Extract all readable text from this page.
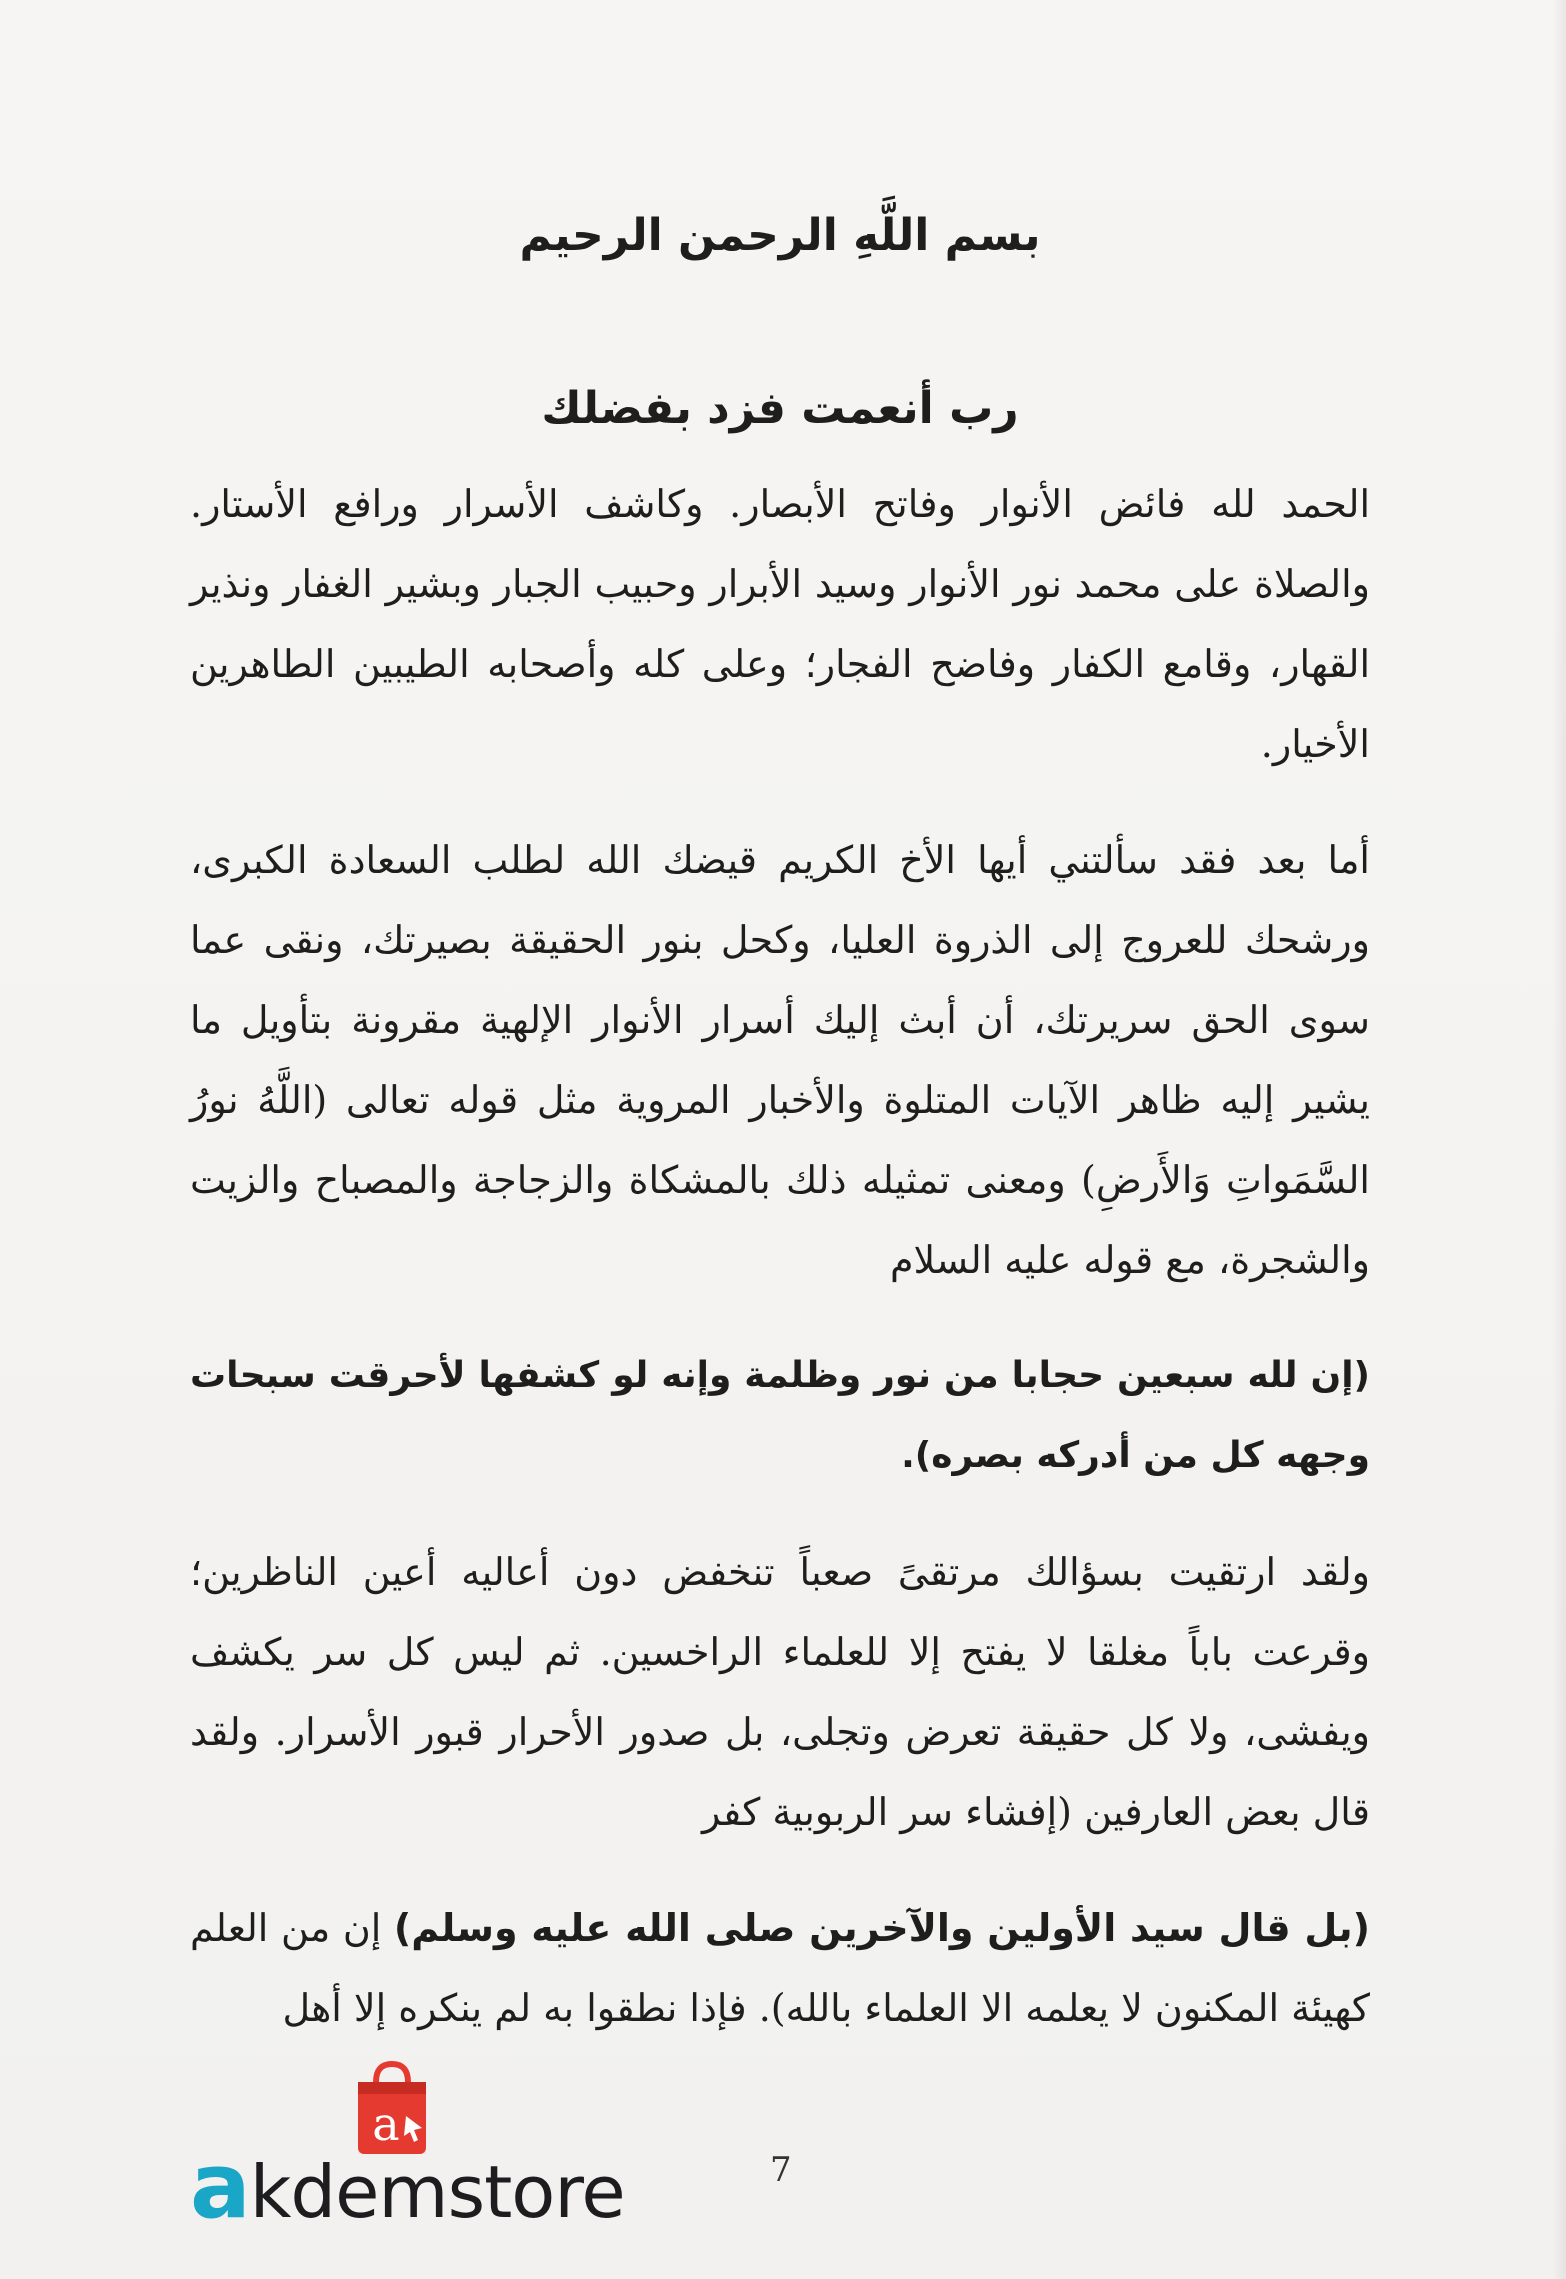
بسم اللَّهِ الرحمن الرحيم
رب أنعمت فزد بفضلك

الحمد لله فائض الأنوار وفاتح الأبصار. وكاشف الأسرار ورافع الأستار. والصلاة على محمد نور الأنوار وسيد الأبرار وحبيب الجبار وبشير الغفار ونذير القهار، وقامع الكفار وفاضح الفجار؛ وعلى كله وأصحابه الطيبين الطاهرين الأخيار.

أما بعد فقد سألتني أيها الأخ الكريم قيضك الله لطلب السعادة الكبرى، ورشحك للعروج إلى الذروة العليا، وكحل بنور الحقيقة بصيرتك، ونقى عما سوى الحق سريرتك، أن أبث إليك أسرار الأنوار الإلهية مقرونة بتأويل ما يشير إليه ظاهر الآيات المتلوة والأخبار المروية مثل قوله تعالى (اللَّهُ نورُ السَّمَواتِ وَالأَرضِ) ومعنى تمثيله ذلك بالمشكاة والزجاجة والمصباح والزيت والشجرة، مع قوله عليه السلام

(إن لله سبعين حجابا من نور وظلمة وإنه لو كشفها لأحرقت سبحات وجهه كل من أدركه بصره).

ولقد ارتقيت بسؤالك مرتقىً صعباً تنخفض دون أعاليه أعين الناظرين؛ وقرعت باباً مغلقا لا يفتح إلا للعلماء الراخسين. ثم ليس كل سر يكشف ويفشى، ولا كل حقيقة تعرض وتجلى، بل صدور الأحرار قبور الأسرار. ولقد قال بعض العارفين (إفشاء سر الربوبية كفر

(بل قال سيد الأولين والآخرين صلى الله عليه وسلم) إن من العلم كهيئة المكنون لا يعلمه الا العلماء بالله). فإذا نطقوا به لم ينكره إلا أهل

a
akdemstore	7
